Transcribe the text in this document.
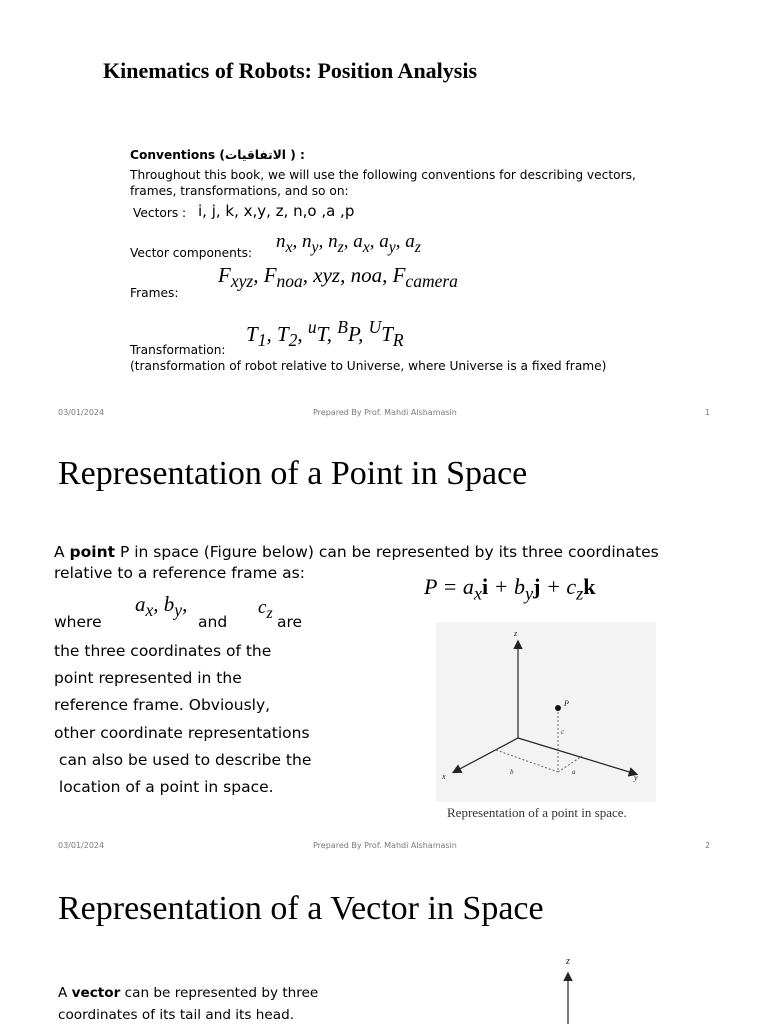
Kinematics of Robots: Position Analysis
Conventions (الاتفاقيات ) :
Throughout this book, we will use the following conventions for describing vectors,
frames, transformations, and so on:
Vectors : i, j, k, x,y, z, n,o ,a ,p
$n_x$, $n_y$, $n_z$, $a_x$, $a_y$, $a_z$
Vector components:
$F_{xyz}$, $F_{noa}$, xyz, noa, $F_{camera}$
Frames:
$T_1$, $T_2$, $^u$T, $^B$P, $^UT_R$
Transformation:
(transformation of robot relative to Universe, where Universe is a fixed frame)
03/01/2024	Prepared By Prof. Mahdi Alshamasin	1
Representation of a Point in Space
A point P in space (Figure below) can be represented by its three coordinates
relative to a reference frame as:
$P = a_xi + b_yj + c_zk$
$a_x$, $b_y$,	$c_z$
where	and	are
the three coordinates of the
point represented in the
reference frame. Obviously,
other coordinate representations
can also be used to describe the
location of a point in space.
z
P
x	y
c
b	a
Representation of a point in space.
03/01/2024	Prepared By Prof. Mahdi Alshamasin	2
Representation of a Vector in Space
A vector can be represented by three
coordinates of its tail and its head.
z
